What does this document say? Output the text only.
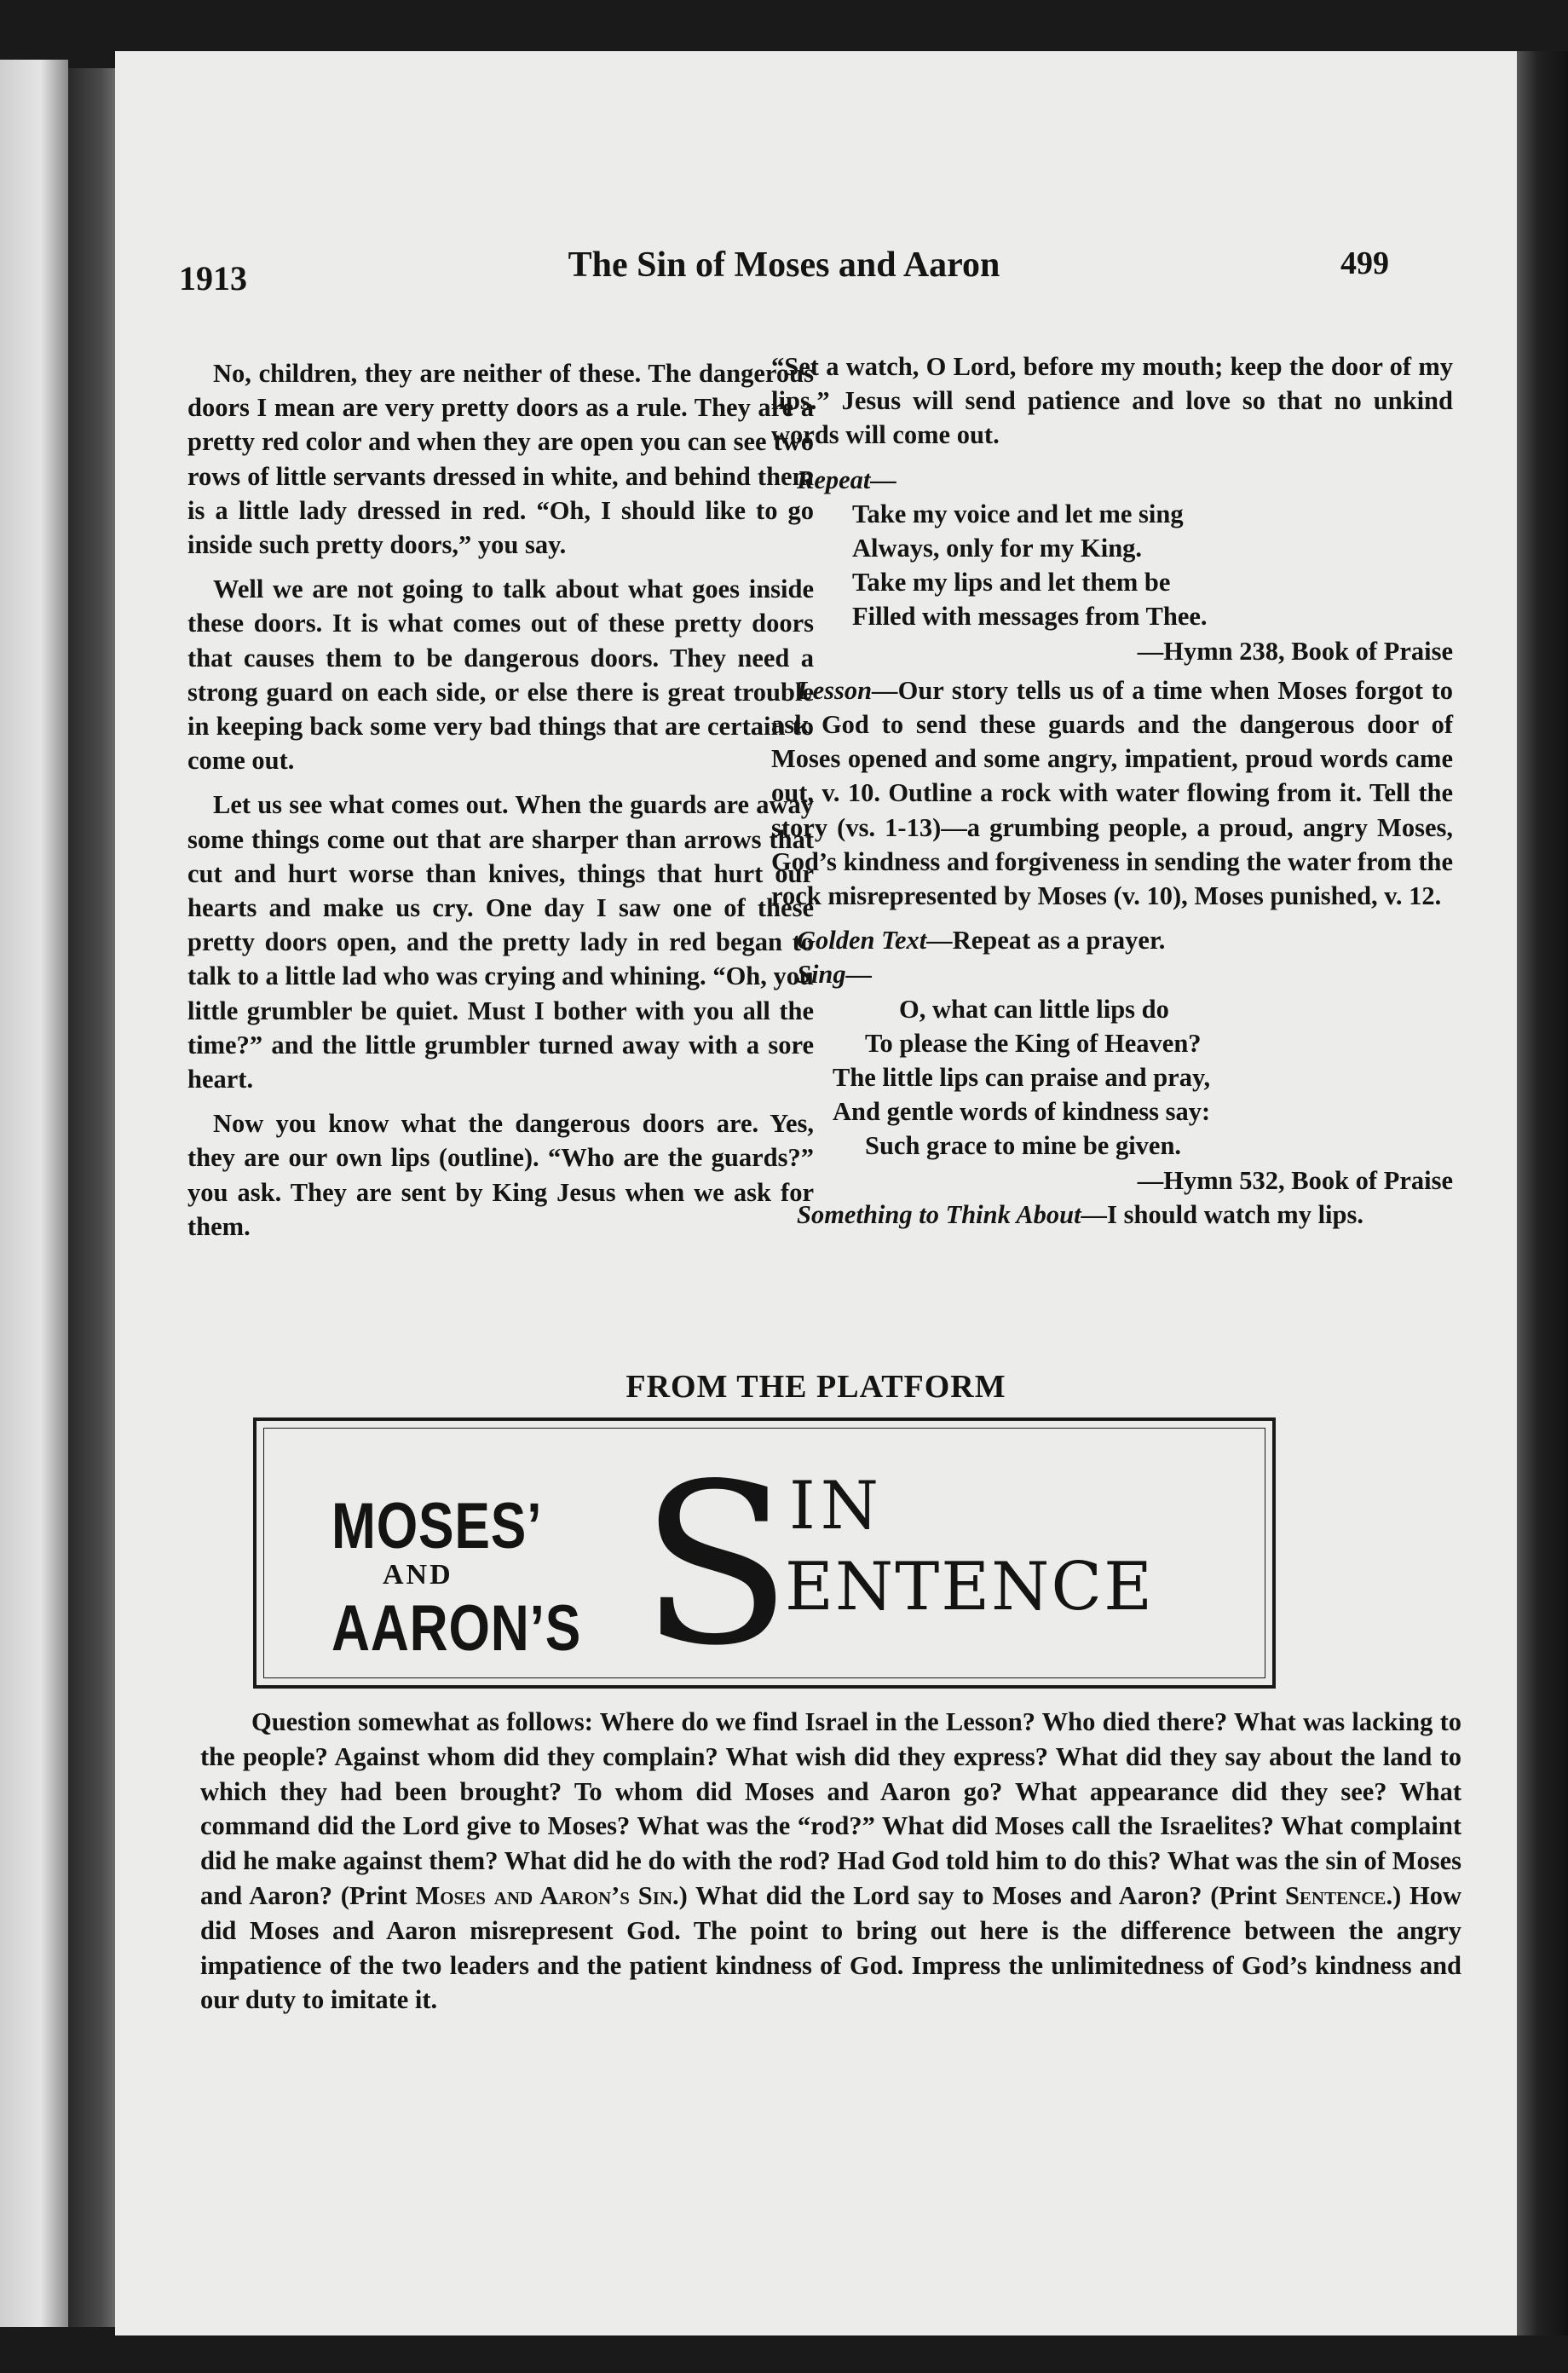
1913	The Sin of Moses and Aaron	499

No, children, they are neither of these. The dangerous doors I mean are very pretty doors as a rule. They are a pretty red color and when they are open you can see two rows of little servants dressed in white, and behind them is a little lady dressed in red. “Oh, I should like to go inside such pretty doors,” you say.

Well we are not going to talk about what goes inside these doors. It is what comes out of these pretty doors that causes them to be dangerous doors. They need a strong guard on each side, or else there is great trouble in keeping back some very bad things that are certain to come out.

Let us see what comes out. When the guards are away some things come out that are sharper than arrows that cut and hurt worse than knives, things that hurt our hearts and make us cry. One day I saw one of these pretty doors open, and the pretty lady in red began to talk to a little lad who was crying and whining. “Oh, you little grumbler be quiet. Must I bother with you all the time?” and the little grumbler turned away with a sore heart.

Now you know what the dangerous doors are. Yes, they are our own lips (outline). “Who are the guards?” you ask. They are sent by King Jesus when we ask for them.

“Set a watch, O Lord, before my mouth; keep the door of my lips.” Jesus will send patience and love so that no unkind words will come out.

Repeat—

Take my voice and let me sing

Always, only for my King.

Take my lips and let them be

Filled with messages from Thee.

—Hymn 238, Book of Praise

Lesson—Our story tells us of a time when Moses forgot to ask God to send these guards and the dangerous door of Moses opened and some angry, impatient, proud words came out, v. 10. Outline a rock with water flowing from it. Tell the story (vs. 1-13)—a grumbing people, a proud, angry Moses, God’s kindness and forgiveness in sending the water from the rock misrepresented by Moses (v. 10), Moses punished, v. 12.

Golden Text—Repeat as a prayer.

Sing—

O, what can little lips do

To please the King of Heaven?

The little lips can praise and pray,

And gentle words of kindness say:

Such grace to mine be given.

—Hymn 532, Book of Praise

Something to Think About—I should watch my lips.

FROM THE PLATFORM
MOSES’
AND
AARON’S S
IN
ENTENCE
Question somewhat as follows: Where do we find Israel in the Lesson? Who died there? What was lacking to the people? Against whom did they complain? What wish did they express? What did they say about the land to which they had been brought? To whom did Moses and Aaron go? What appearance did they see? What command did the Lord give to Moses? What was the “rod?” What did Moses call the Israelites? What complaint did he make against them? What did he do with the rod? Had God told him to do this? What was the sin of Moses and Aaron? (Print Moses and Aaron’s Sin.) What did the Lord say to Moses and Aaron? (Print Sentence.) How did Moses and Aaron misrepresent God. The point to bring out here is the difference between the angry impatience of the two leaders and the patient kindness of God. Impress the unlimitedness of God’s kindness and our duty to imitate it.
